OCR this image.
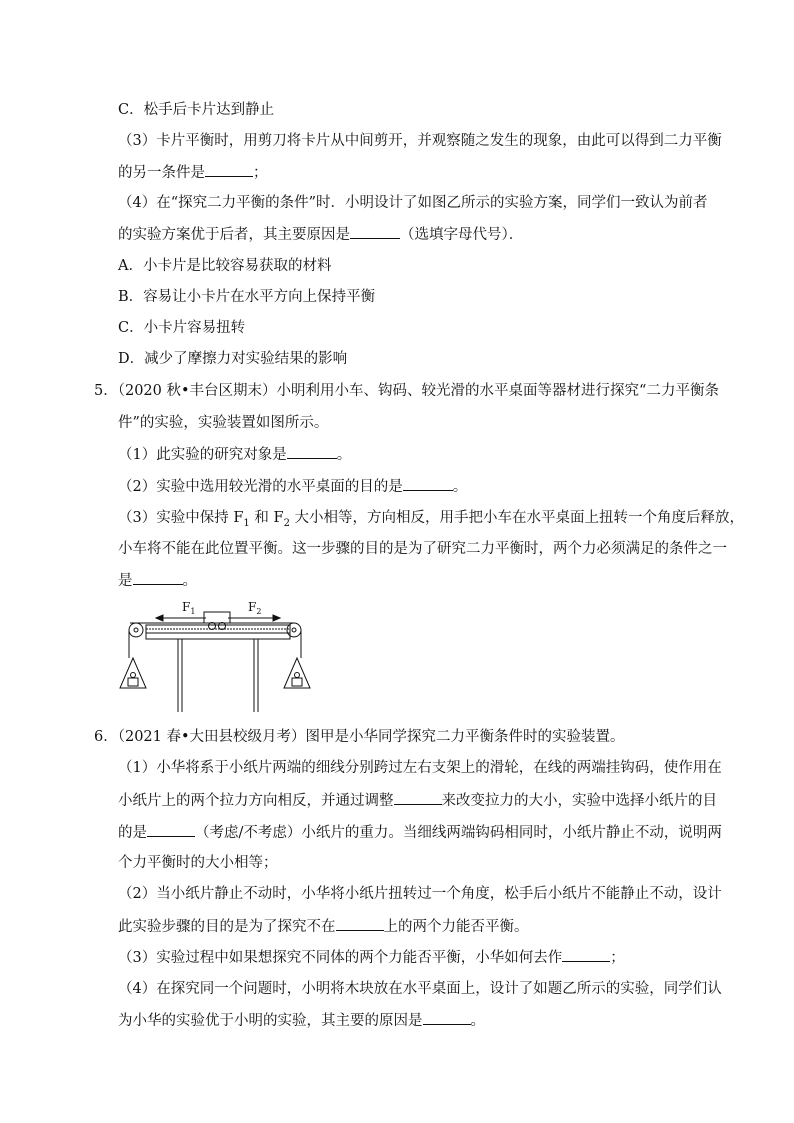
C．松手后卡片达到静止
（3）卡片平衡时，用剪刀将卡片从中间剪开，并观察随之发生的现象，由此可以得到二力平衡
的另一条件是	；
（4）在“探究二力平衡的条件”时．小明设计了如图乙所示的实验方案，同学们一致认为前者
的实验方案优于后者，其主要原因是	（选填字母代号）．
A．小卡片是比较容易获取的材料
B．容易让小卡片在水平方向上保持平衡
C．小卡片容易扭转
D．减少了摩擦力对实验结果的影响
5．（2020 秋•丰台区期末）小明利用小车、钩码、较光滑的水平桌面等器材进行探究“二力平衡条
件”的实验，实验装置如图所示。
（1）此实验的研究对象是	。
（2）实验中选用较光滑的水平桌面的目的是	。
（3）实验中保持 $F_1$ 和 $F_2$ 大小相等，方向相反，用手把小车在水平桌面上扭转一个角度后释放，
小车将不能在此位置平衡。这一步骤的目的是为了研究二力平衡时，两个力必须满足的条件之一
是	。
$F_1$	$F_2$
6．（2021 春•大田县校级月考）图甲是小华同学探究二力平衡条件时的实验装置。
（1）小华将系于小纸片两端的细线分别跨过左右支架上的滑轮，在线的两端挂钩码，使作用在
小纸片上的两个拉力方向相反，并通过调整	来改变拉力的大小，实验中选择小纸片的目
的是	（考虑/不考虑）小纸片的重力。当细线两端钩码相同时，小纸片静止不动，说明两
个力平衡时的大小相等；
（2）当小纸片静止不动时，小华将小纸片扭转过一个角度，松手后小纸片不能静止不动，设计
此实验步骤的目的是为了探究不在	上的两个力能否平衡。
（3）实验过程中如果想探究不同体的两个力能否平衡，小华如何去作	；
（4）在探究同一个问题时，小明将木块放在水平桌面上，设计了如题乙所示的实验，同学们认
为小华的实验优于小明的实验，其主要的原因是	。
